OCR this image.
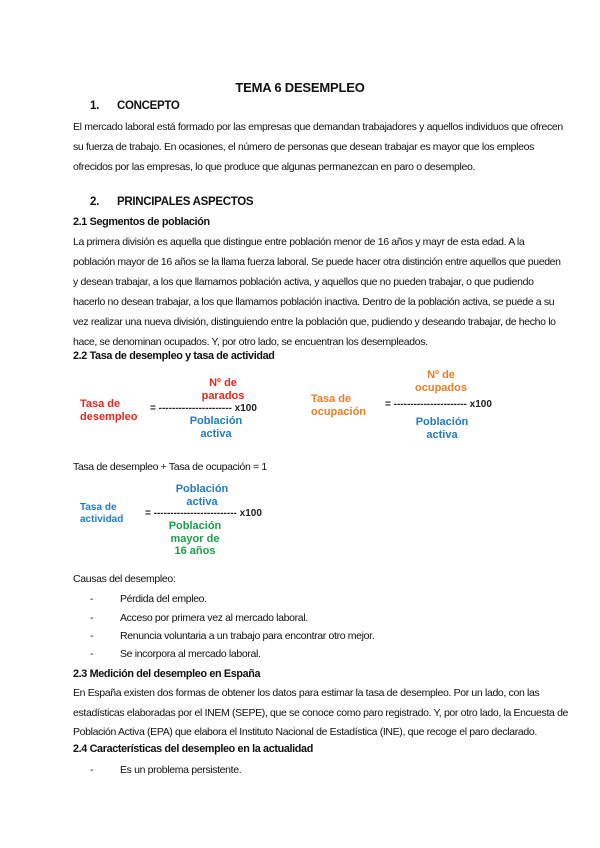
TEMA 6 DESEMPLEO
1. CONCEPTO
El mercado laboral está formado por las empresas que demandan trabajadores y aquellos individuos que ofrecen
su fuerza de trabajo. En ocasiones, el número de personas que desean trabajar es mayor que los empleos
ofrecidos por las empresas, lo que produce que algunas permanezcan en paro o desempleo.
2. PRINCIPALES ASPECTOS
2.1 Segmentos de población
La primera división es aquella que distingue entre población menor de 16 años y mayr de esta edad. A la
población mayor de 16 años se la llama fuerza laboral. Se puede hacer otra distinción entre aquellos que pueden
y desean trabajar, a los que llamamos población activa, y aquellos que no pueden trabajar, o que pudiendo
hacerlo no desean trabajar, a los que llamamos población inactiva. Dentro de la población activa, se puede a su
vez realizar una nueva división, distinguiendo entre la población que, pudiendo y deseando trabajar, de hecho lo
hace, se denominan ocupados. Y, por otro lado, se encuentran los desempleados.
2.2 Tasa de desempleo y tasa de actividad
Tasa de
desempleo
Nº de
parados
= ---------------------- x100
Población
activa
Tasa de
ocupación
Nº de
ocupados
= ---------------------- x100
Población
activa
Tasa de desempleo + Tasa de ocupación = 1
Tasa de
actividad
Población
activa
= ------------------------- x100
Población
mayor de
16 años
Causas del desempleo:
-	Pérdida del empleo.
-	Acceso por primera vez al mercado laboral.
-	Renuncia voluntaria a un trabajo para encontrar otro mejor.
-	Se incorpora al mercado laboral.
2.3 Medición del desempleo en España
En España existen dos formas de obtener los datos para estimar la tasa de desempleo. Por un lado, con las
estadísticas elaboradas por el INEM (SEPE), que se conoce como paro registrado. Y, por otro lado, la Encuesta de
Población Activa (EPA) que elabora el Instituto Nacional de Estadística (INE), que recoge el paro declarado.
2.4 Características del desempleo en la actualidad
-	Es un problema persistente.
